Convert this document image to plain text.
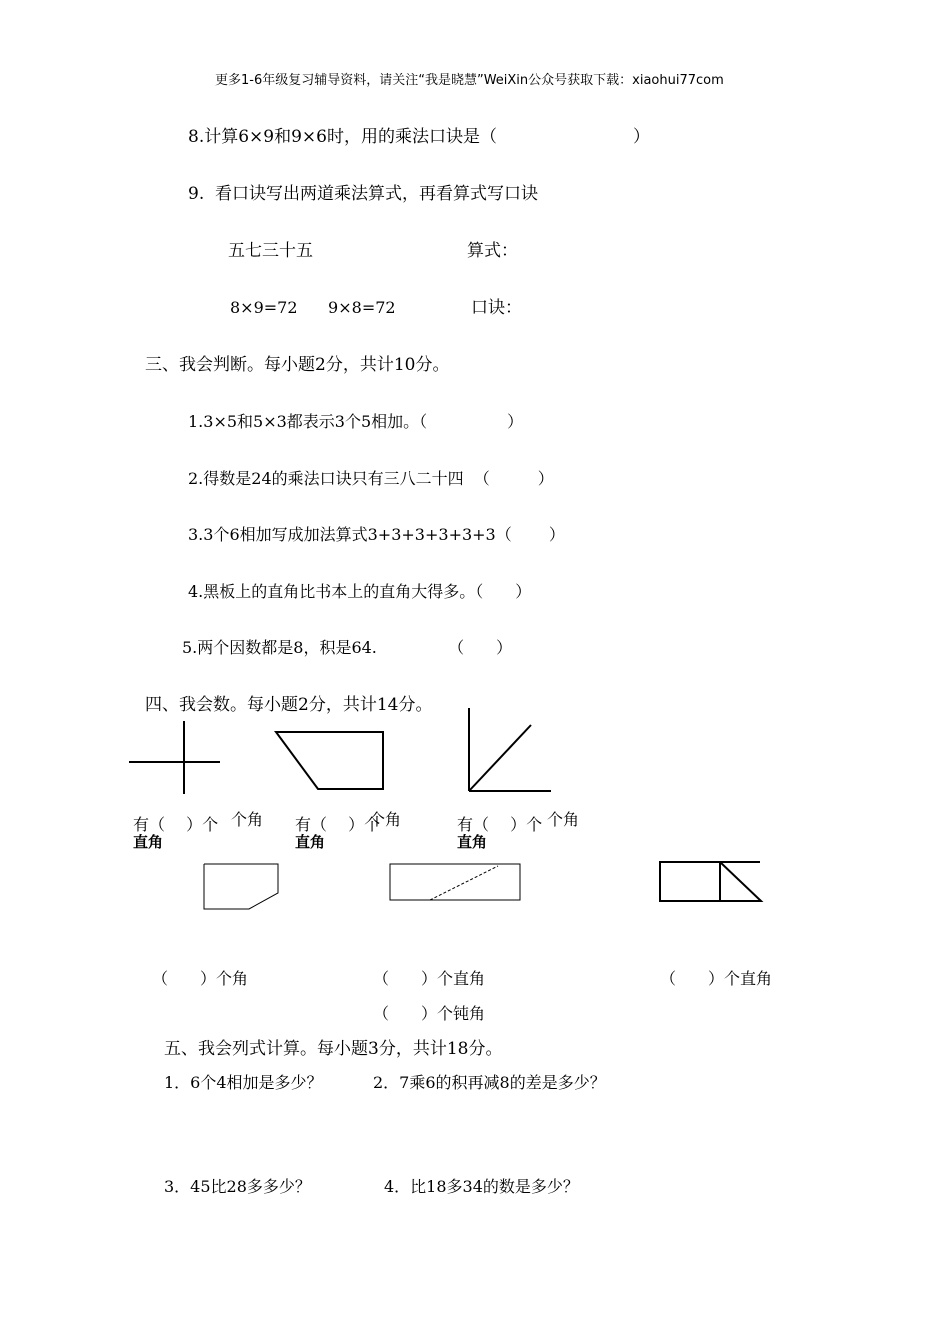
更多1-6年级复习辅导资料，请关注“我是晓慧”WeiXin公众号获取下载：xiaohui77com
8.计算6×9和9×6时，用的乘法口诀是（　　　　　　　　）
9.  看口诀写出两道乘法算式，再看算式写口诀
五七三十五	算式：
8×9=72      9×8=72	口诀：
三、我会判断。每小题2分，共计10分。
1.3×5和5×3都表示3个5相加。（　　　　　）
2.得数是24的乘法口诀只有三八二十四  （　　　）
3.3个6相加写成加法算式3+3+3+3+3+3（　　 ）
4.黑板上的直角比书本上的直角大得多。（　　）
5.两个因数都是8，积是64.              （　　）
四、我会数。每小题2分，共计14分。
有（　 ）个
直角
个角 有（　 ）个
直角
个角	有（　 ）个
直角
个角
（　　）个角	（　　）个直角	（　　）个直角
（　　）个钝角
五、我会列式计算。每小题3分，共计18分。
1．6个4相加是多少？	2．7乘6的积再减8的差是多少？
3．45比28多多少？	4．比18多34的数是多少？
